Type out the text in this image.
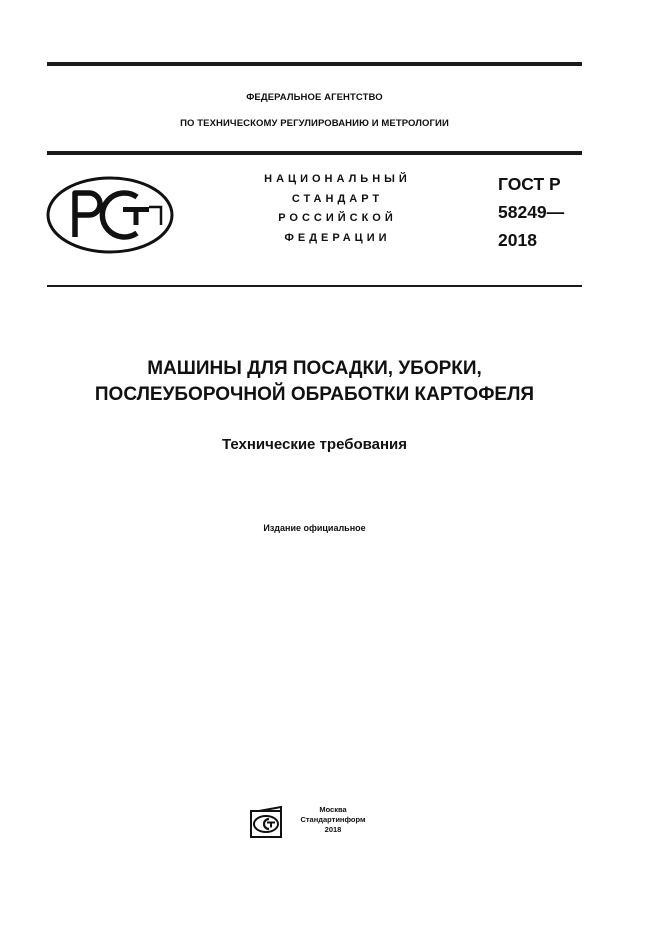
ФЕДЕРАЛЬНОЕ АГЕНТСТВО
ПО ТЕХНИЧЕСКОМУ РЕГУЛИРОВАНИЮ И МЕТРОЛОГИИ
НАЦИОНАЛЬНЫЙ
СТАНДАРТ
РОССИЙСКОЙ
ФЕДЕРАЦИИ
ГОСТ Р
58249—
2018
МАШИНЫ ДЛЯ ПОСАДКИ, УБОРКИ,
ПОСЛЕУБОРОЧНОЙ ОБРАБОТКИ КАРТОФЕЛЯ
Технические требования
Издание официальное
Москва
Стандартинформ
2018
